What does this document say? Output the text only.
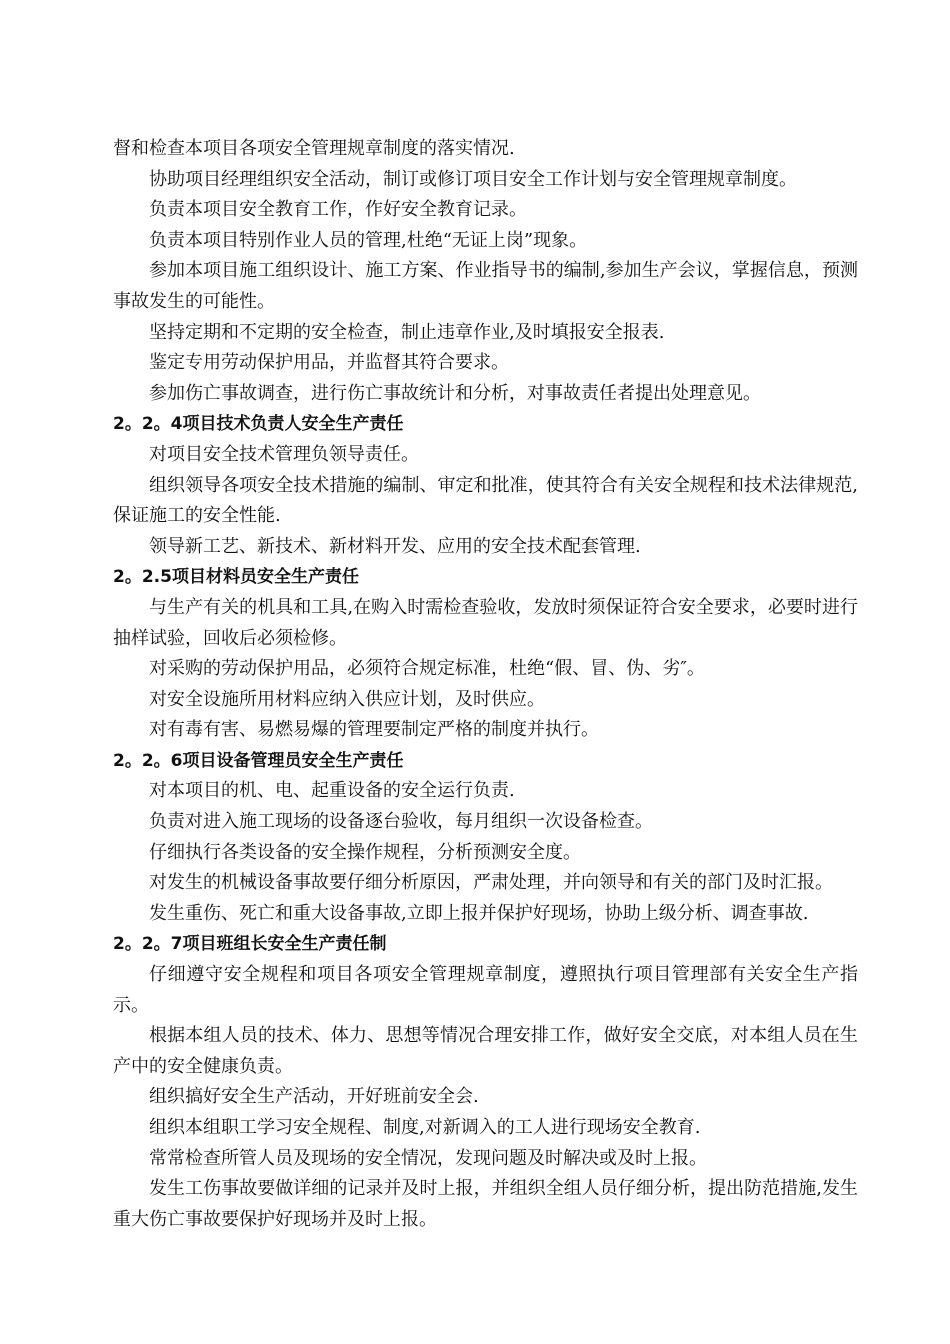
督和检查本项目各项安全管理规章制度的落实情况.

协助项目经理组织安全活动，制订或修订项目安全工作计划与安全管理规章制度。

负责本项目安全教育工作，作好安全教育记录。

负责本项目特别作业人员的管理,杜绝“无证上岗”现象。

参加本项目施工组织设计、施工方案、作业指导书的编制,参加生产会议，掌握信息，预测事故发生的可能性。

坚持定期和不定期的安全检查，制止违章作业,及时填报安全报表.

鉴定专用劳动保护用品，并监督其符合要求。

参加伤亡事故调查，进行伤亡事故统计和分析，对事故责任者提出处理意见。

2。2。4项目技术负责人安全生产责任

对项目安全技术管理负领导责任。

组织领导各项安全技术措施的编制、审定和批准，使其符合有关安全规程和技术法律规范,保证施工的安全性能.

领导新工艺、新技术、新材料开发、应用的安全技术配套管理.

2。2.5项目材料员安全生产责任

与生产有关的机具和工具,在购入时需检查验收，发放时须保证符合安全要求，必要时进行抽样试验，回收后必须检修。

对采购的劳动保护用品，必须符合规定标准，杜绝“假、冒、伪、劣″。

对安全设施所用材料应纳入供应计划，及时供应。

对有毒有害、易燃易爆的管理要制定严格的制度并执行。

2。2。6项目设备管理员安全生产责任

对本项目的机、电、起重设备的安全运行负责.

负责对进入施工现场的设备逐台验收，每月组织一次设备检查。

仔细执行各类设备的安全操作规程，分析预测安全度。

对发生的机械设备事故要仔细分析原因，严肃处理，并向领导和有关的部门及时汇报。

发生重伤、死亡和重大设备事故,立即上报并保护好现场，协助上级分析、调查事故.

2。2。7项目班组长安全生产责任制

仔细遵守安全规程和项目各项安全管理规章制度，遵照执行项目管理部有关安全生产指示。

根据本组人员的技术、体力、思想等情况合理安排工作，做好安全交底，对本组人员在生产中的安全健康负责。

组织搞好安全生产活动，开好班前安全会.

组织本组职工学习安全规程、制度,对新调入的工人进行现场安全教育.

常常检查所管人员及现场的安全情况，发现问题及时解决或及时上报。

发生工伤事故要做详细的记录并及时上报，并组织全组人员仔细分析，提出防范措施,发生重大伤亡事故要保护好现场并及时上报。
